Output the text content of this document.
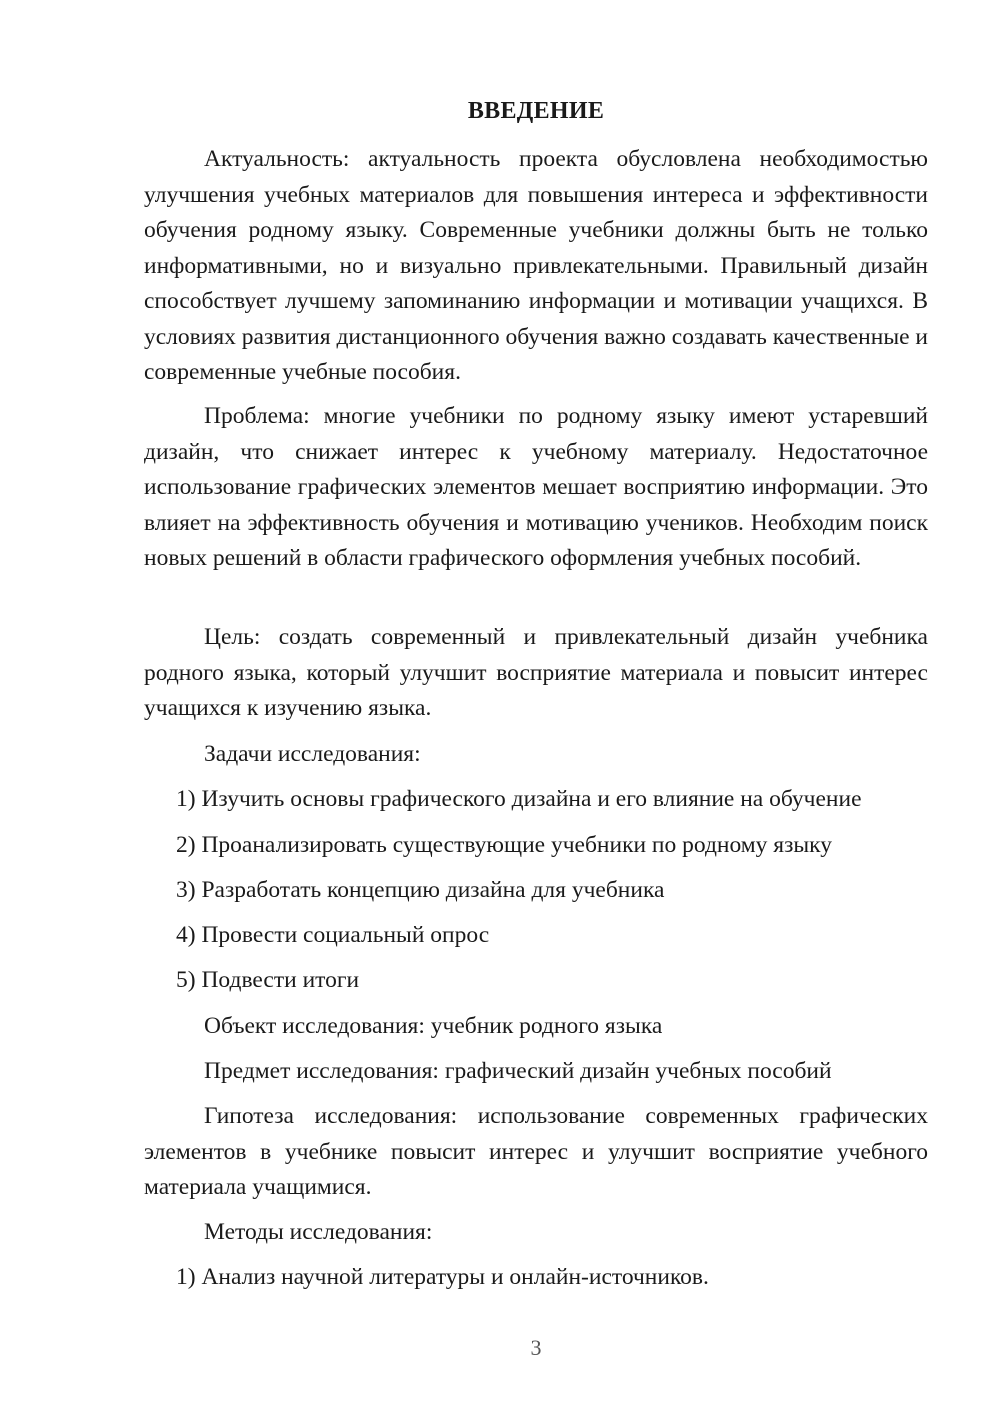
ВВЕДЕНИЕ

Актуальность: актуальность проекта обусловлена необходимостью улучшения учебных материалов для повышения интереса и эффективности обучения родному языку. Современные учебники должны быть не только информативными, но и визуально привлекательными. Правильный дизайн способствует лучшему запоминанию информации и мотивации учащихся. В условиях развития дистанционного обучения важно создавать качественные и современные учебные пособия.

Проблема: многие учебники по родному языку имеют устаревший дизайн, что снижает интерес к учебному материалу. Недостаточное использование графических элементов мешает восприятию информации. Это влияет на эффективность обучения и мотивацию учеников. Необходим поиск новых решений в области графического оформления учебных пособий.

Цель: создать современный и привлекательный дизайн учебника родного языка, который улучшит восприятие материала и повысит интерес учащихся к изучению языка.

Задачи исследования:

1) Изучить основы графического дизайна и его влияние на обучение

2) Проанализировать существующие учебники по родному языку

3) Разработать концепцию дизайна для учебника

4) Провести социальный опрос

5) Подвести итоги

Объект исследования: учебник родного языка

Предмет исследования: графический дизайн учебных пособий

Гипотеза исследования: использование современных графических элементов в учебнике повысит интерес и улучшит восприятие учебного материала учащимися.

Методы исследования:

1) Анализ научной литературы и онлайн-источников.

3
